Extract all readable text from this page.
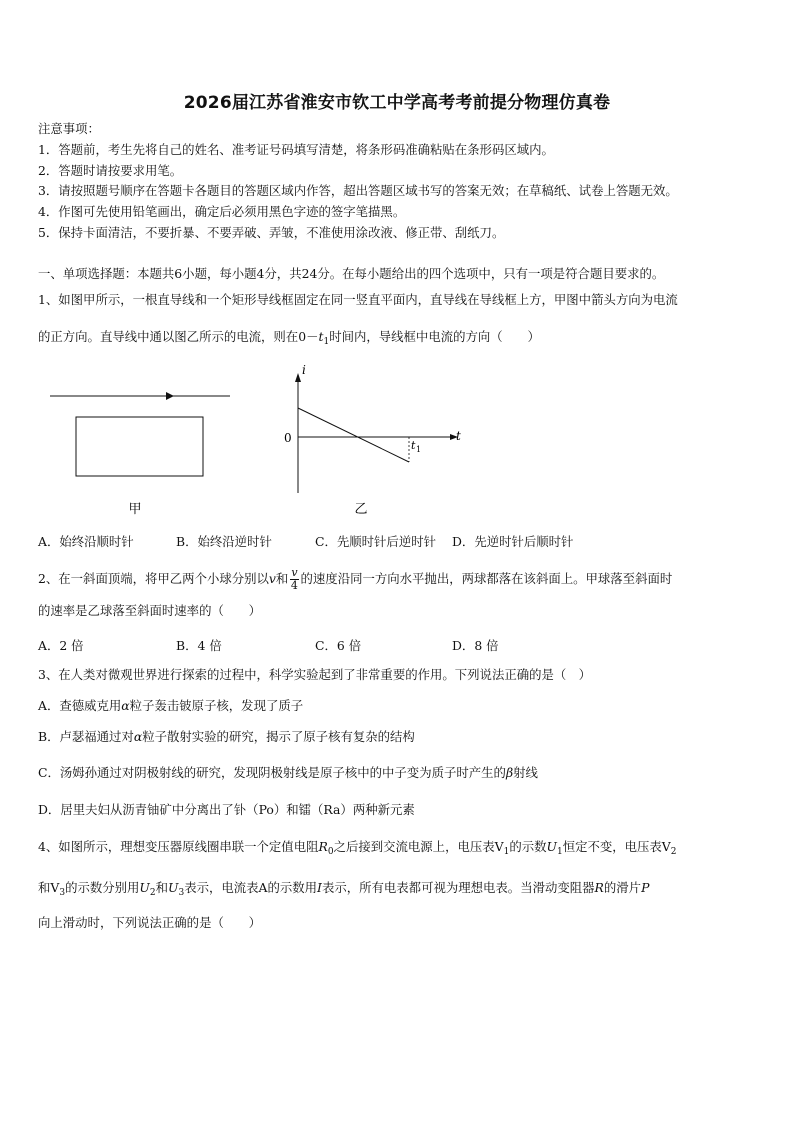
2026届江苏省淮安市钦工中学高考考前提分物理仿真卷
注意事项：
1．答题前，考生先将自己的姓名、准考证号码填写清楚，将条形码准确粘贴在条形码区域内。
2．答题时请按要求用笔。
3．请按照题号顺序在答题卡各题目的答题区域内作答，超出答题区域书写的答案无效；在草稿纸、试卷上答题无效。
4．作图可先使用铅笔画出，确定后必须用黑色字迹的签字笔描黑。
5．保持卡面清洁，不要折暴、不要弄破、弄皱，不准使用涂改液、修正带、刮纸刀。
一、单项选择题：本题共6小题，每小题4分，共24分。在每小题给出的四个选项中，只有一项是符合题目要求的。
1、如图甲所示，一根直导线和一个矩形导线框固定在同一竖直平面内，直导线在导线框上方，甲图中箭头方向为电流
的正方向。直导线中通以图乙所示的电流，则在$0-t_1$时间内，导线框中电流的方向（　　）
甲
i
t
0
t 1
乙
A．始终沿顺时针	B．始终沿逆时针	C．先顺时针后逆时针 D．先逆时针后顺时针
2、在一斜面顶端，将甲乙两个小球分别以v和 $\frac{v}{4}$ 的速度沿同一方向水平抛出，两球都落在该斜面上。甲球落至斜面时
的速率是乙球落至斜面时速率的（　　）
A．2 倍	B．4 倍	C．6 倍	D．8 倍
3、在人类对微观世界进行探索的过程中，科学实验起到了非常重要的作用。下列说法正确的是（　）
A．查德威克用α粒子轰击铍原子核，发现了质子
B．卢瑟福通过对α粒子散射实验的研究，揭示了原子核有复杂的结构
C．汤姆孙通过对阴极射线的研究，发现阴极射线是原子核中的中子变为质子时产生的β射线
D．居里夫妇从沥青铀矿中分离出了钋（Po）和镭（Ra）两种新元素
4、如图所示，理想变压器原线圈串联一个定值电阻$R_0$之后接到交流电源上，电压表$V_1$的示数$U_1$恒定不变，电压表$V_2$
和$V_3$的示数分别用$U_2$和$U_3$表示，电流表A的示数用I表示，所有电表都可视为理想电表。当滑动变阻器R的滑片P
向上滑动时，下列说法正确的是（　　）
